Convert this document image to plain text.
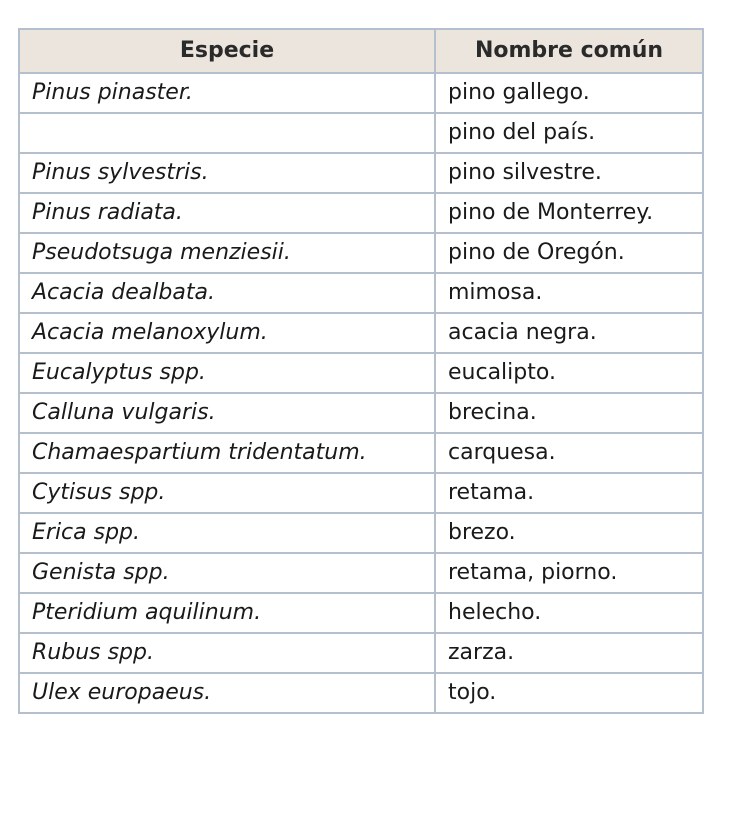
Especie	Nombre común
Pinus pinaster.	pino gallego.
	pino del país.
Pinus sylvestris.	pino silvestre.
Pinus radiata.	pino de Monterrey.
Pseudotsuga menziesii.	pino de Oregón.
Acacia dealbata.	mimosa.
Acacia melanoxylum.	acacia negra.
Eucalyptus spp.	eucalipto.
Calluna vulgaris.	brecina.
Chamaespartium tridentatum.	carquesa.
Cytisus spp.	retama.
Erica spp.	brezo.
Genista spp.	retama, piorno.
Pteridium aquilinum.	helecho.
Rubus spp.	zarza.
Ulex europaeus.	tojo.
